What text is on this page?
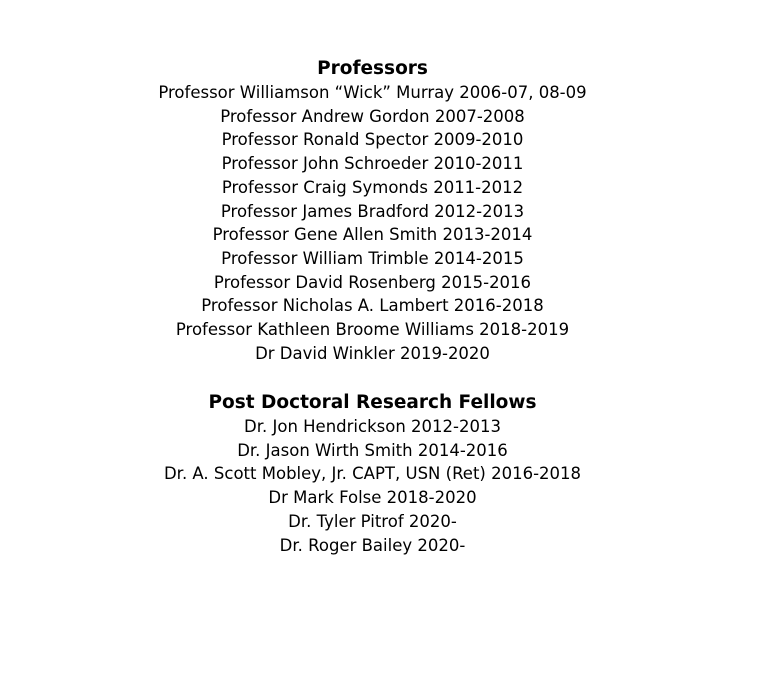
Professors

Professor Williamson “Wick” Murray 2006-07, 08-09
Professor Andrew Gordon 2007-2008
Professor Ronald Spector 2009-2010
Professor John Schroeder 2010-2011
Professor Craig Symonds 2011-2012
Professor James Bradford 2012-2013
Professor Gene Allen Smith 2013-2014
Professor William Trimble 2014-2015
Professor David Rosenberg 2015-2016
Professor Nicholas A. Lambert 2016-2018
Professor Kathleen Broome Williams 2018-2019
Dr David Winkler 2019-2020

Post Doctoral Research Fellows

Dr. Jon Hendrickson 2012-2013
Dr. Jason Wirth Smith 2014-2016
Dr. A. Scott Mobley, Jr. CAPT, USN (Ret) 2016-2018
Dr Mark Folse 2018-2020
Dr. Tyler Pitrof 2020-
Dr. Roger Bailey 2020-
